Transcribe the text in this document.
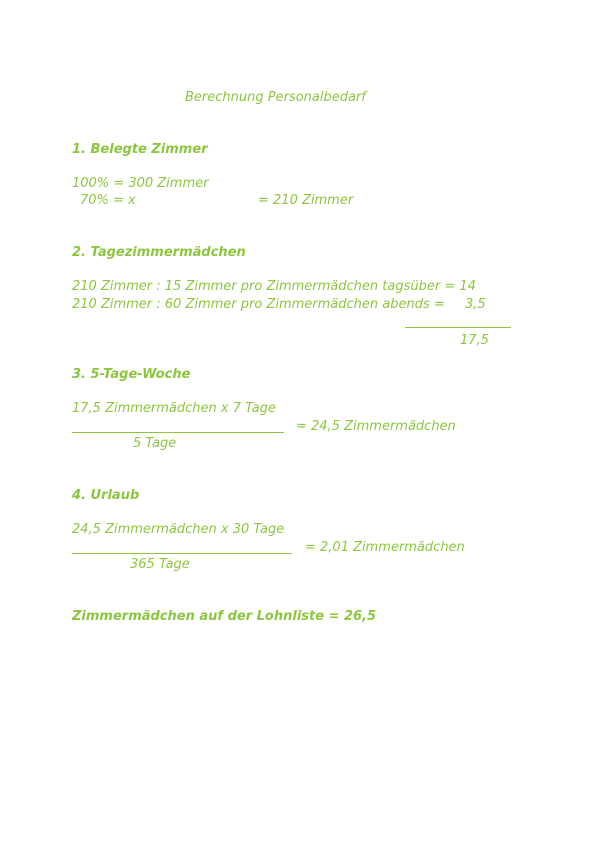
Berechnung Personalbedarf
1. Belegte Zimmer
100% = 300 Zimmer
70% = x	= 210 Zimmer
2. Tagezimmermädchen
210 Zimmer : 15 Zimmer pro Zimmermädchen tagsüber = 14
210 Zimmer : 60 Zimmer pro Zimmermädchen abends = 3,5
17,5
3. 5-Tage-Woche
17,5 Zimmermädchen x 7 Tage
= 24,5 Zimmermädchen
5 Tage
4. Urlaub
24,5 Zimmermädchen x 30 Tage
= 2,01 Zimmermädchen
365 Tage
Zimmermädchen auf der Lohnliste = 26,5
